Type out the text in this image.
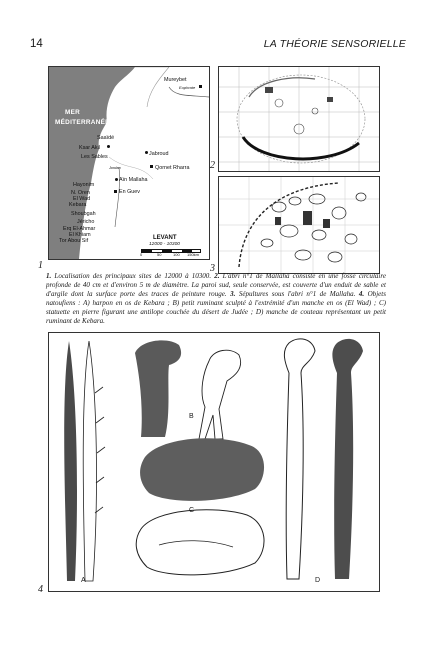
14	LA THÉORIE SENSORIELLE
MER
MÉDITERRANÉE
Mureybet
Euphrate
Saaïdé
Ksar Akil
Les Sables	Jabroud
Qornet Rharra
Jordan
Hayonim
N. Oren
El Wad
Kebara
Aïn Mallaha
En Guev
Shoubgah
Jéricho
Erq El-Ahmar
El Khiam
Tor Abou Sif	LEVANT
12000 - 10300
0	50	100 150km
1
2
3
1. Localisation des principaux sites de 12000 à 10300. 2. L'abri n°1 de Mallaha consiste en une fosse circulaire profonde de 40 cm et d'environ 5 m de diamètre. La paroi sud, seule conservée, est couverte d'un enduit de sable et d'argile dont la surface porte des traces de peinture rouge. 3. Sépultures sous l'abri n°1 de Mallaha. 4. Objets natoufiens : A) harpon en os de Kebara ; B) petit ruminant sculpté à l'extrémité d'un manche en os (El Wad) ; C) statuette en pierre figurant une antilope couchée du désert de Judée ; D) manche de couteau représentant un petit ruminant de Kebara.
A
B
C
D
4
